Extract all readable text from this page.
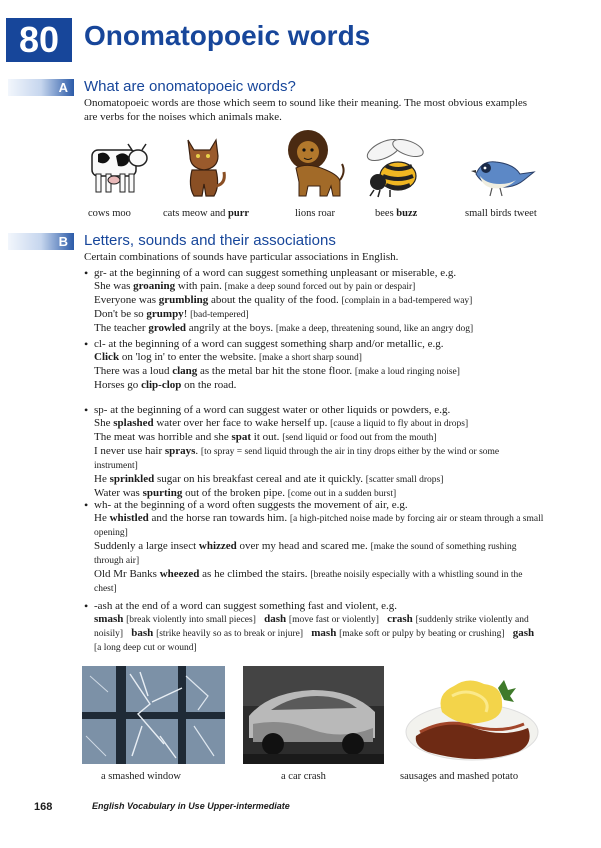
80 Onomatopoeic words
A	What are onomatopoeic words?
Onomatopoeic words are those which seem to sound like their meaning. The most obvious examples are verbs for the noises which animals make.
cows moo	cats meow and purr	lions roar	bees buzz	small birds tweet
B	Letters, sounds and their associations
Certain combinations of sounds have particular associations in English.
• gr- at the beginning of a word can suggest something unpleasant or miserable, e.g.
She was groaning with pain. [make a deep sound forced out by pain or despair]
Everyone was grumbling about the quality of the food. [complain in a bad-tempered way]
Don't be so grumpy! [bad-tempered]
The teacher growled angrily at the boys. [make a deep, threatening sound, like an angry dog]
• cl- at the beginning of a word can suggest something sharp and/or metallic, e.g.
Click on 'log in' to enter the website. [make a short sharp sound]
There was a loud clang as the metal bar hit the stone floor. [make a loud ringing noise]
Horses go clip-clop on the road.
• sp- at the beginning of a word can suggest water or other liquids or powders, e.g.
She splashed water over her face to wake herself up. [cause a liquid to fly about in drops]
The meat was horrible and she spat it out. [send liquid or food out from the mouth]
I never use hair sprays. [to spray = send liquid through the air in tiny drops either by the wind or some instrument]
He sprinkled sugar on his breakfast cereal and ate it quickly. [scatter small drops]
Water was spurting out of the broken pipe. [come out in a sudden burst]
• wh- at the beginning of a word often suggests the movement of air, e.g.
He whistled and the horse ran towards him. [a high-pitched noise made by forcing air or steam through a small opening]
Suddenly a large insect whizzed over my head and scared me. [make the sound of something rushing through air]
Old Mr Banks wheezed as he climbed the stairs. [breathe noisily especially with a whistling sound in the chest]
• -ash at the end of a word can suggest something fast and violent, e.g.
smash [break violently into small pieces] dash [move fast or violently] crash [suddenly strike violently and noisily] bash [strike heavily so as to break or injure] mash [make soft or pulpy by beating or crushing] gash [a long deep cut or wound]
a smashed window	a car crash	sausages and mashed potato
168	English Vocabulary in Use Upper-intermediate
